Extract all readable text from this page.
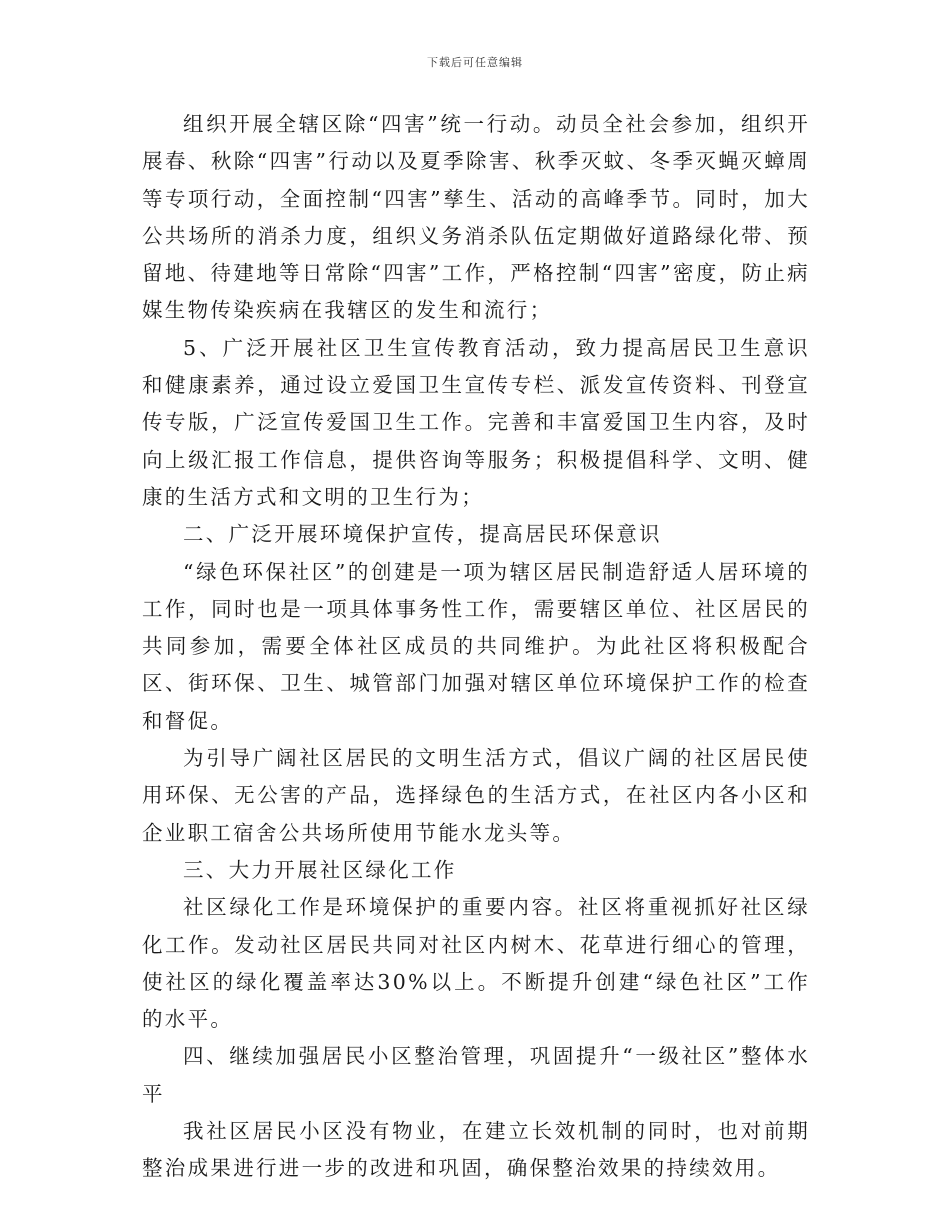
下载后可任意编辑

组织开展全辖区除“四害”统一行动。动员全社会参加，组织开展春、秋除“四害”行动以及夏季除害、秋季灭蚊、冬季灭蝇灭蟑周等专项行动，全面控制“四害”孳生、活动的高峰季节。同时，加大公共场所的消杀力度，组织义务消杀队伍定期做好道路绿化带、预留地、待建地等日常除“四害”工作，严格控制“四害”密度，防止病媒生物传染疾病在我辖区的发生和流行；

5、广泛开展社区卫生宣传教育活动，致力提高居民卫生意识和健康素养，通过设立爱国卫生宣传专栏、派发宣传资料、刊登宣传专版，广泛宣传爱国卫生工作。完善和丰富爱国卫生内容，及时向上级汇报工作信息，提供咨询等服务；积极提倡科学、文明、健康的生活方式和文明的卫生行为；

二、广泛开展环境保护宣传，提高居民环保意识

“绿色环保社区”的创建是一项为辖区居民制造舒适人居环境的工作，同时也是一项具体事务性工作，需要辖区单位、社区居民的共同参加，需要全体社区成员的共同维护。为此社区将积极配合区、街环保、卫生、城管部门加强对辖区单位环境保护工作的检查和督促。

为引导广阔社区居民的文明生活方式，倡议广阔的社区居民使用环保、无公害的产品，选择绿色的生活方式，在社区内各小区和企业职工宿舍公共场所使用节能水龙头等。

三、大力开展社区绿化工作

社区绿化工作是环境保护的重要内容。社区将重视抓好社区绿化工作。发动社区居民共同对社区内树木、花草进行细心的管理，使社区的绿化覆盖率达30%以上。不断提升创建“绿色社区”工作的水平。

四、继续加强居民小区整治管理，巩固提升“一级社区”整体水平

我社区居民小区没有物业，在建立长效机制的同时，也对前期整治成果进行进一步的改进和巩固，确保整治效果的持续效用。
